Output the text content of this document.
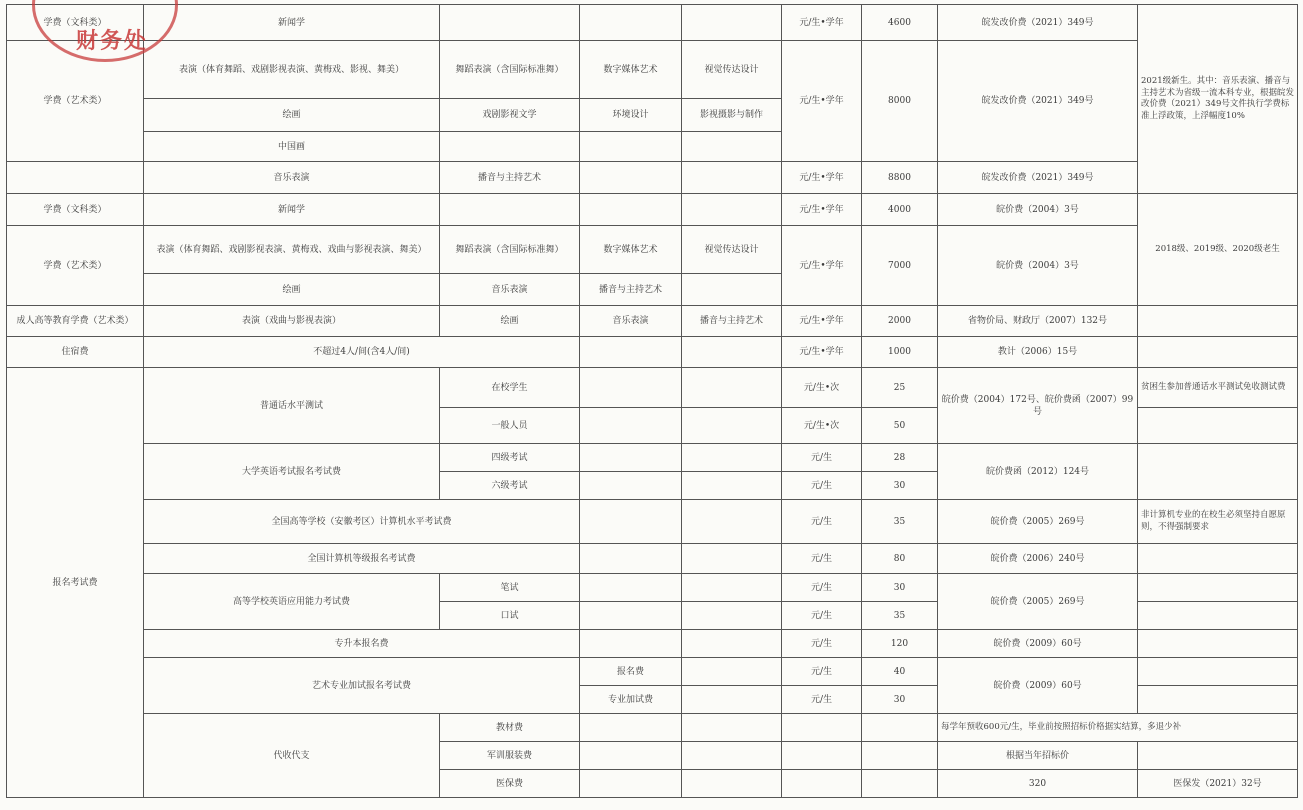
学费（文科类）	新闻学				元/生•学年	4600	皖发改价费（2021）349号	2021级新生。其中：音乐表演、播音与主持艺术为省级一流本科专业，根据皖发改价费（2021）349号文件执行学费标准上浮政策，上浮幅度10%	
学费（艺术类）	表演（体育舞蹈、戏剧影视表演、黄梅戏、影视、舞美）	舞蹈表演（含国际标准舞）	数字媒体艺术	视觉传达设计	元/生•学年	8000	皖发改价费（2021）349号		
	绘画	戏剧影视文学	环境设计	影视摄影与制作					
	中国画								
	音乐表演	播音与主持艺术			元/生•学年	8800	皖发改价费（2021）349号		
学费（文科类）	新闻学				元/生•学年	4000	皖价费（2004）3号	2018级、2019级、2020级老生	
学费（艺术类）	表演（体育舞蹈、戏剧影视表演、黄梅戏、戏曲与影视表演、舞美）	舞蹈表演（含国际标准舞）	数字媒体艺术	视觉传达设计	元/生•学年	7000	皖价费（2004）3号		
	绘画	音乐表演	播音与主持艺术						
成人高等教育学费（艺术类）	表演（戏曲与影视表演）	绘画	音乐表演	播音与主持艺术	元/生•学年	2000	省物价局、财政厅（2007）132号		
住宿费	不超过4人/间(含4人/间)				元/生•学年	1000	教计（2006）15号		
报名考试费	普通话水平测试	在校学生			元/生•次	25	皖价费（2004）172号、皖价费函（2007）99号	贫困生参加普通话水平测试免收测试费	
		一般人员			元/生•次	50			
	大学英语考试报名考试费	四级考试			元/生	28	皖价费函（2012）124号		
		六级考试			元/生	30			
	全国高等学校（安徽考区）计算机水平考试费				元/生	35	皖价费（2005）269号	非计算机专业的在校生必须坚持自愿原则，不得强制要求	
	全国计算机等级报名考试费				元/生	80	皖价费（2006）240号		
	高等学校英语应用能力考试费	笔试			元/生	30	皖价费（2005）269号		
		口试			元/生	35			
	专升本报名费				元/生	120	皖价费（2009）60号		
	艺术专业加试报名考试费		报名费		元/生	40	皖价费（2009）60号		
			专业加试费		元/生	30			
	代收代支	教材费					每学年预收600元/生，毕业前按照招标价格据实结算，多退少补		
		军训服装费					根据当年招标价		
		医保费					320	医保发（2021）32号	
财务处
